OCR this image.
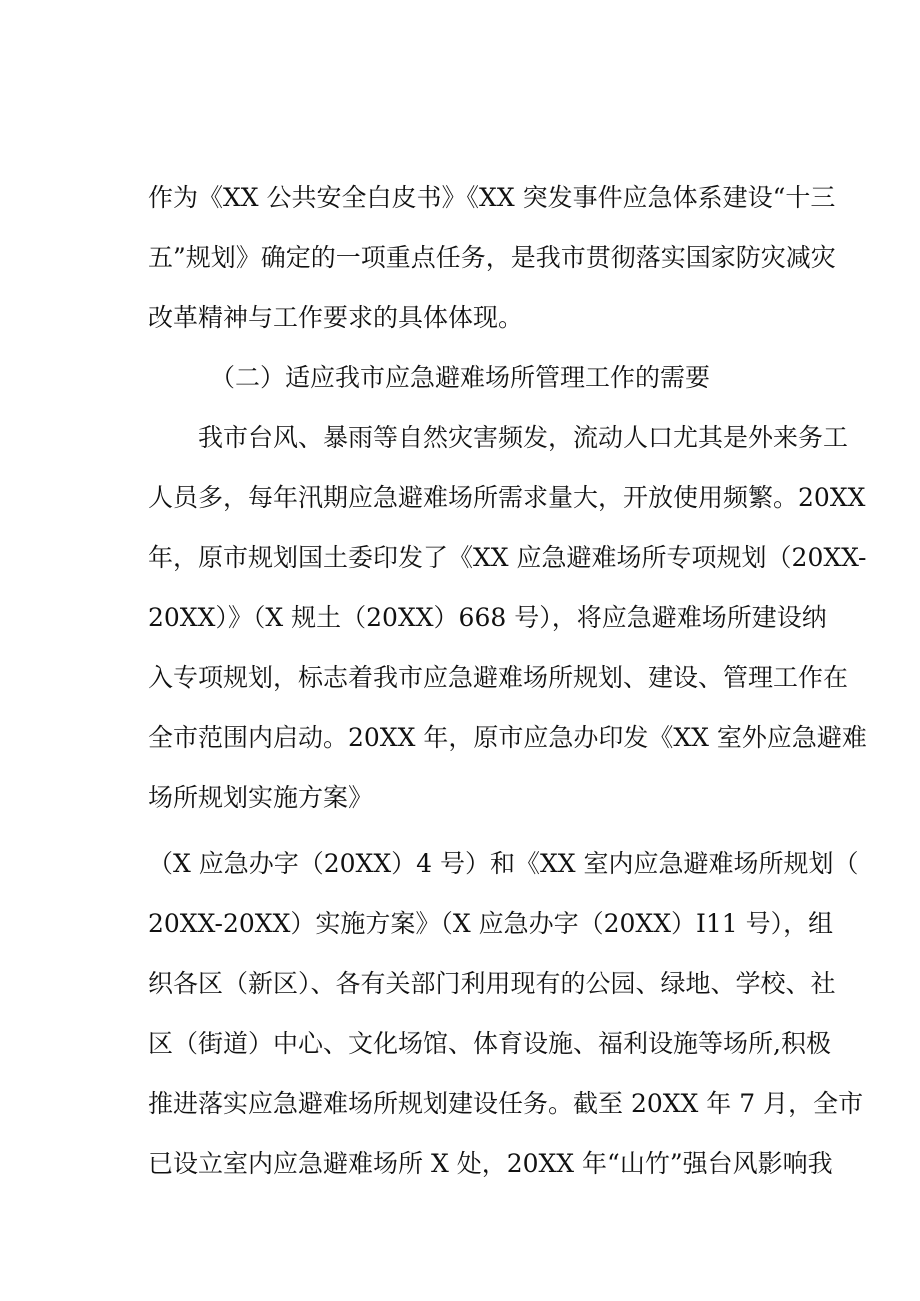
作为《XX 公共安全白皮书》《XX 突发事件应急体系建设“十三
五”规划》确定的一项重点任务，是我市贯彻落实国家防灾减灾
改革精神与工作要求的具体体现。
（二）适应我市应急避难场所管理工作的需要
　　我市台风、暴雨等自然灾害频发，流动人口尤其是外来务工
人员多，每年汛期应急避难场所需求量大，开放使用频繁。20XX
年，原市规划国土委印发了《XX 应急避难场所专项规划（20XX-
20XX）》（X 规土（20XX）668 号），将应急避难场所建设纳
入专项规划，标志着我市应急避难场所规划、建设、管理工作在
全市范围内启动。20XX 年，原市应急办印发《XX 室外应急避难
场所规划实施方案》
（X 应急办字（20XX）4 号）和《XX 室内应急避难场所规划（
20XX-20XX）实施方案》（X 应急办字（20XX）I11 号），组
织各区（新区）、各有关部门利用现有的公园、绿地、学校、社
区（街道）中心、文化场馆、体育设施、福利设施等场所,积极
推进落实应急避难场所规划建设任务。截至 20XX 年 7 月，全市
已设立室内应急避难场所 X 处，20XX 年“山竹”强台风影响我
